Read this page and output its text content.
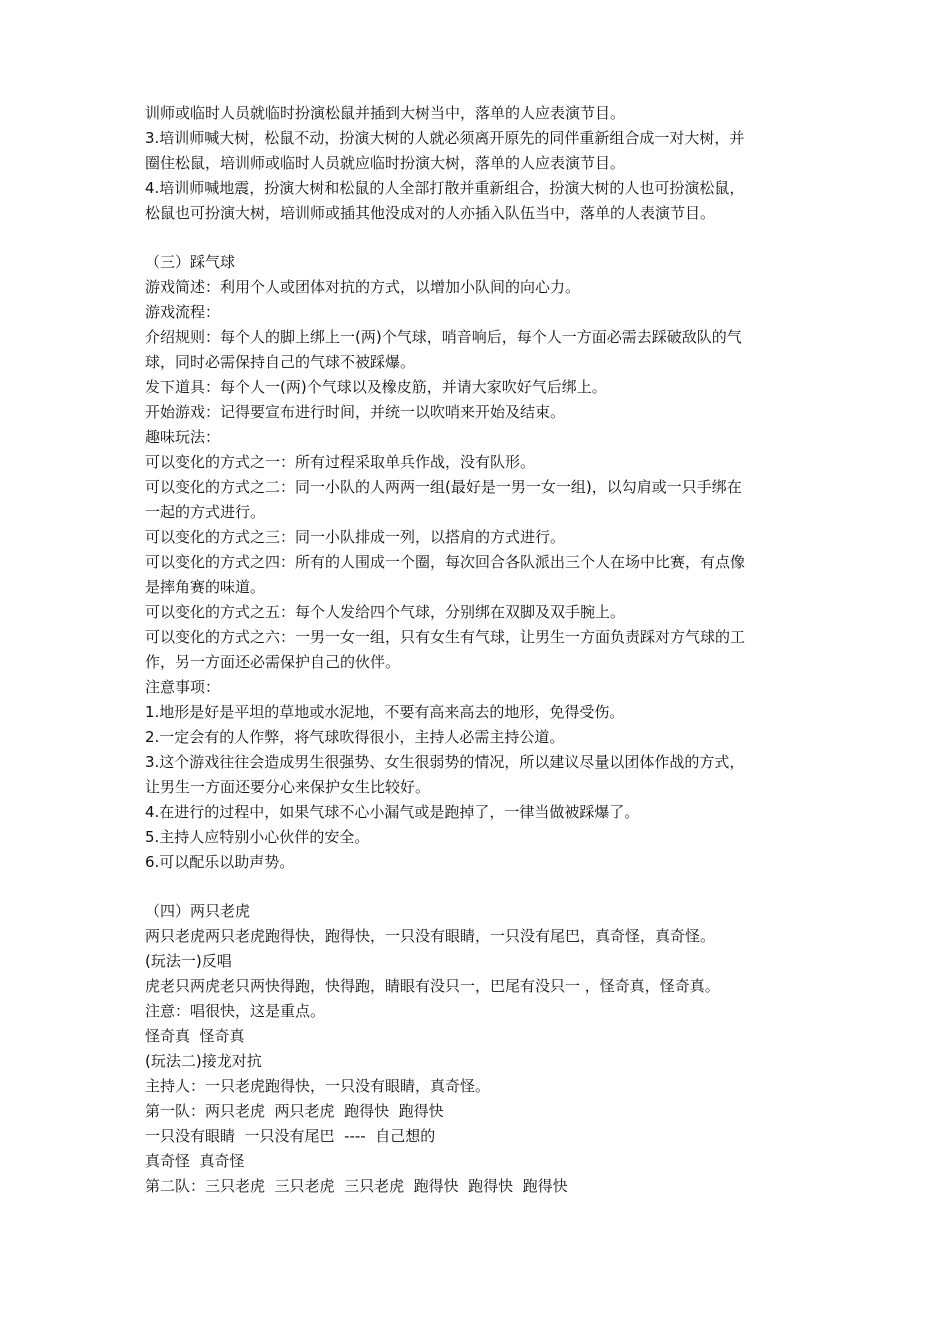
训师或临时人员就临时扮演松鼠并插到大树当中，落单的人应表演节目。
3.培训师喊大树，松鼠不动，扮演大树的人就必须离开原先的同伴重新组合成一对大树，并
圈住松鼠，培训师或临时人员就应临时扮演大树，落单的人应表演节目。
4.培训师喊地震，扮演大树和松鼠的人全部打散并重新组合，扮演大树的人也可扮演松鼠，
松鼠也可扮演大树，培训师或插其他没成对的人亦插入队伍当中，落单的人表演节目。
（三）踩气球
游戏简述：利用个人或团体对抗的方式，以增加小队间的向心力。
游戏流程：
介绍规则：每个人的脚上绑上一(两)个气球，哨音响后，每个人一方面必需去踩破敌队的气
球，同时必需保持自己的气球不被踩爆。
发下道具：每个人一(两)个气球以及橡皮筋，并请大家吹好气后绑上。
开始游戏：记得要宣布进行时间，并统一以吹哨来开始及结束。
趣味玩法：
可以变化的方式之一：所有过程采取单兵作战，没有队形。
可以变化的方式之二：同一小队的人两两一组(最好是一男一女一组)，以勾肩或一只手绑在
一起的方式进行。
可以变化的方式之三：同一小队排成一列，以搭肩的方式进行。
可以变化的方式之四：所有的人围成一个圈，每次回合各队派出三个人在场中比赛，有点像
是摔角赛的味道。
可以变化的方式之五：每个人发给四个气球，分别绑在双脚及双手腕上。
可以变化的方式之六：一男一女一组，只有女生有气球，让男生一方面负责踩对方气球的工
作，另一方面还必需保护自己的伙伴。
注意事项：
1.地形是好是平坦的草地或水泥地，不要有高来高去的地形，免得受伤。
2.一定会有的人作弊，将气球吹得很小，主持人必需主持公道。
3.这个游戏往往会造成男生很强势、女生很弱势的情况，所以建议尽量以团体作战的方式，
让男生一方面还要分心来保护女生比较好。
4.在进行的过程中，如果气球不心小漏气或是跑掉了，一律当做被踩爆了。
5.主持人应特别小心伙伴的安全。
6.可以配乐以助声势。
（四）两只老虎
两只老虎两只老虎跑得快，跑得快，一只没有眼睛，一只没有尾巴，真奇怪，真奇怪。
(玩法一)反唱
虎老只两虎老只两快得跑，快得跑，睛眼有没只一，巴尾有没只一 ，怪奇真，怪奇真。
注意：唱很快，这是重点。
怪奇真  怪奇真
(玩法二)接龙对抗
主持人：一只老虎跑得快，一只没有眼睛，真奇怪。
第一队：两只老虎  两只老虎  跑得快  跑得快
一只没有眼睛  一只没有尾巴  ----  自己想的
真奇怪  真奇怪
第二队：三只老虎  三只老虎  三只老虎  跑得快  跑得快  跑得快
